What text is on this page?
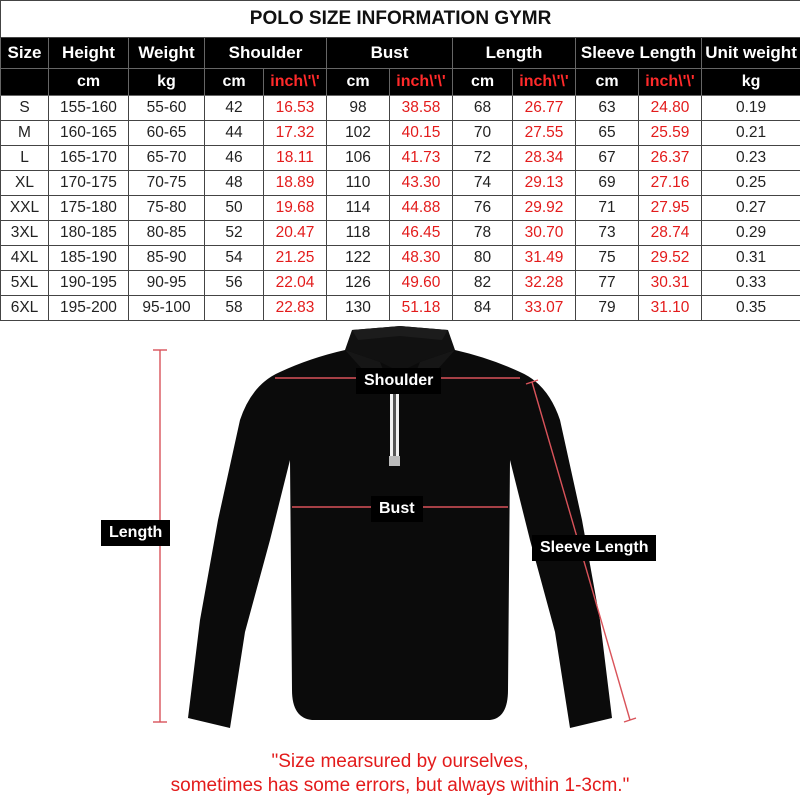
POLO SIZE INFORMATION GYMR											
Size	Height	Weight	Shoulder		Bust		Length		Sleeve Length		Unit weight
	cm	kg	cm	inch\'\'	cm	inch\'\'	cm	inch\'\'	cm	inch\'\'	kg
S	155-160	55-60	42	16.53	98	38.58	68	26.77	63	24.80	0.19
M	160-165	60-65	44	17.32	102	40.15	70	27.55	65	25.59	0.21
L	165-170	65-70	46	18.11	106	41.73	72	28.34	67	26.37	0.23
XL	170-175	70-75	48	18.89	110	43.30	74	29.13	69	27.16	0.25
XXL	175-180	75-80	50	19.68	114	44.88	76	29.92	71	27.95	0.27
3XL	180-185	80-85	52	20.47	118	46.45	78	30.70	73	28.74	0.29
4XL	185-190	85-90	54	21.25	122	48.30	80	31.49	75	29.52	0.31
5XL	190-195	90-95	56	22.04	126	49.60	82	32.28	77	30.31	0.33
6XL	195-200	95-100	58	22.83	130	51.18	84	33.07	79	31.10	0.35
Shoulder
Bust
Length
Sleeve Length
"Size mearsured by ourselves,
sometimes has some errors, but always within 1-3cm."
